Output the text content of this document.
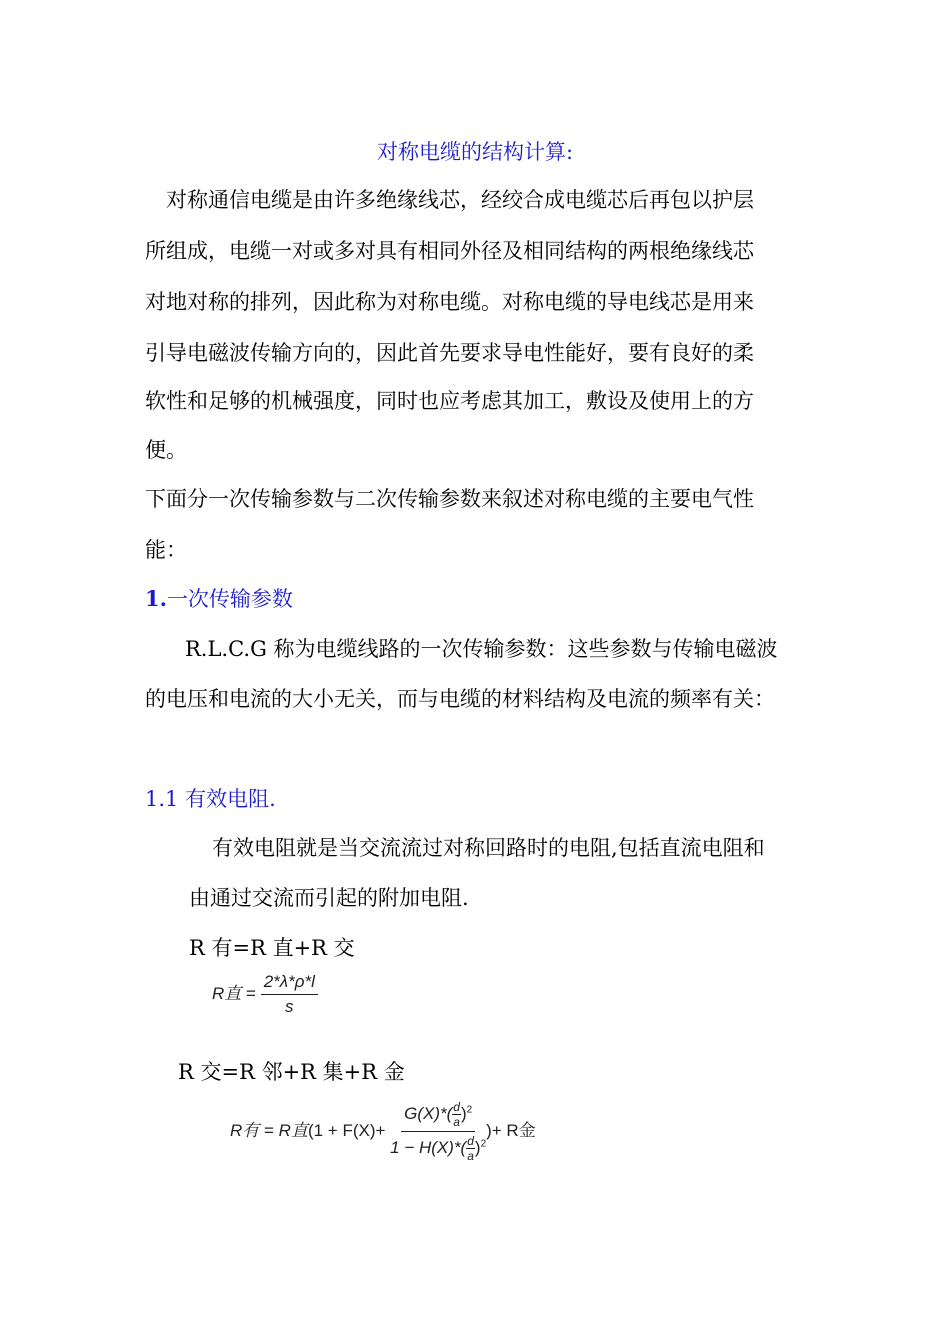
对称电缆的结构计算:
对称通信电缆是由许多绝缘线芯，经绞合成电缆芯后再包以护层
所组成，电缆一对或多对具有相同外径及相同结构的两根绝缘线芯
对地对称的排列，因此称为对称电缆。对称电缆的导电线芯是用来
引导电磁波传输方向的，因此首先要求导电性能好，要有良好的柔
软性和足够的机械强度，同时也应考虑其加工，敷设及使用上的方
便。
下面分一次传输参数与二次传输参数来叙述对称电缆的主要电气性
能：
1.一次传输参数
R.L.C.G 称为电缆线路的一次传输参数：这些参数与传输电磁波
的电压和电流的大小无关，而与电缆的材料结构及电流的频率有关：
1.1 有效电阻.
有效电阻就是当交流流过对称回路时的电阻,包括直流电阻和
由通过交流而引起的附加电阻.
R 有=R 直+R 交
R直 = $\frac{2*\lambda*\rho*l}{s}$
R 交=R 邻+R 集+R 金
R有 = R直($1 + F(X)+ \frac{G(X)*( \frac{d}{a} )^2}{1 - H(X)*( \frac{d}{a} )^2}$ )+ R金
